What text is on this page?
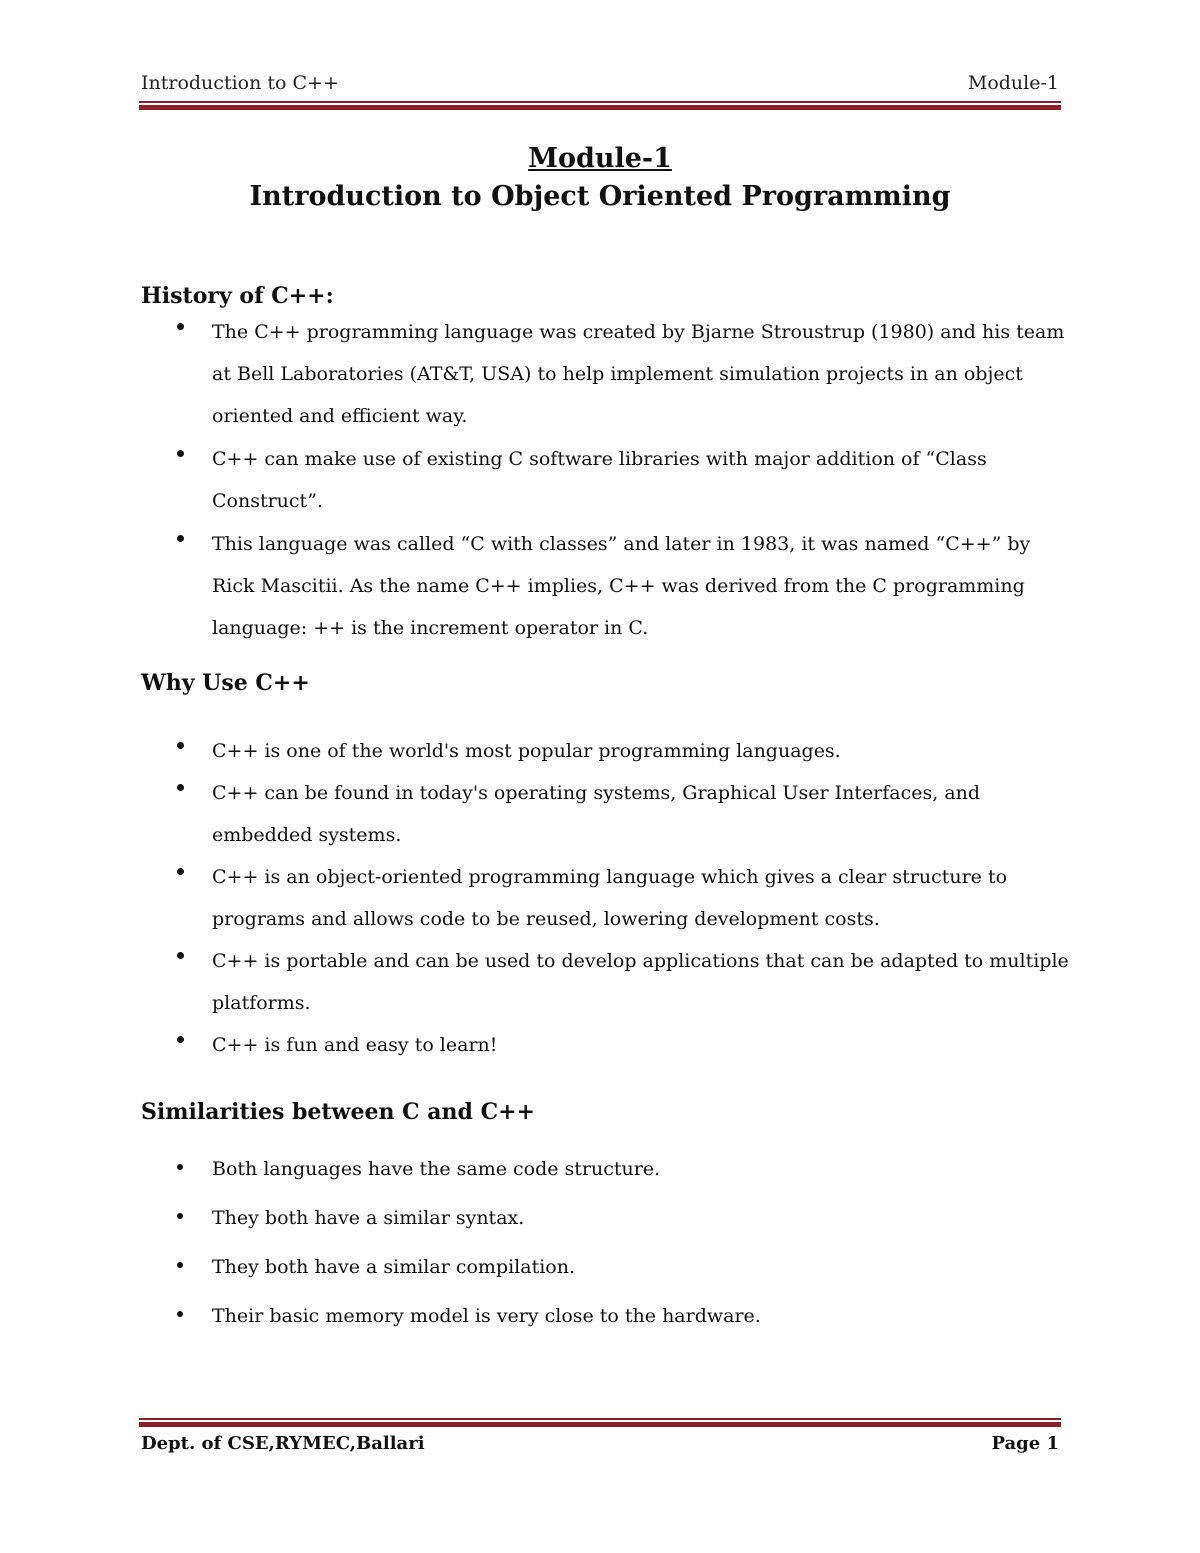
Introduction to C++	Module-1
Module-1
Introduction to Object Oriented Programming
History of C++:
The C++ programming language was created by Bjarne Stroustrup (1980) and his team at Bell Laboratories (AT&T, USA) to help implement simulation projects in an object oriented and efficient way.
C++ can make use of existing C software libraries with major addition of “Class Construct”.
This language was called “C with classes” and later in 1983, it was named “C++” by Rick Mascitii. As the name C++ implies, C++ was derived from the C programming language: ++ is the increment operator in C.
Why Use C++
C++ is one of the world's most popular programming languages.
C++ can be found in today's operating systems, Graphical User Interfaces, and embedded systems.
C++ is an object-oriented programming language which gives a clear structure to programs and allows code to be reused, lowering development costs.
C++ is portable and can be used to develop applications that can be adapted to multiple platforms.
C++ is fun and easy to learn!
Similarities between C and C++
Both languages have the same code structure.
They both have a similar syntax.
They both have a similar compilation.
Their basic memory model is very close to the hardware.
Dept. of CSE,RYMEC,Ballari	Page 1
